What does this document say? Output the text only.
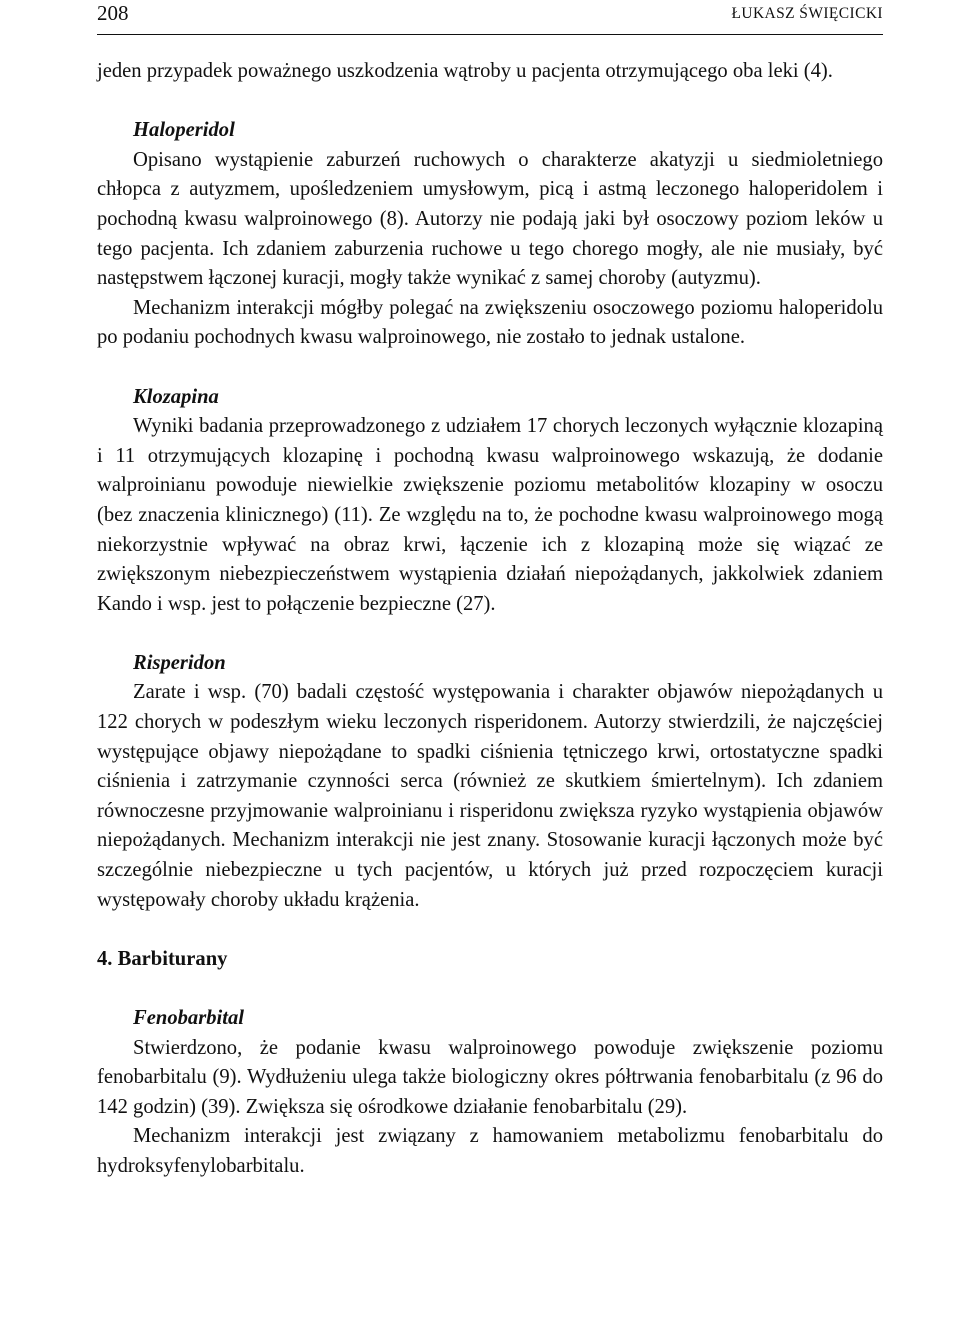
208	ŁUKASZ ŚWIĘCICKI

jeden przypadek poważnego uszkodzenia wątroby u pacjenta otrzymującego oba leki (4).

Haloperidol

Opisano wystąpienie zaburzeń ruchowych o charakterze akatyzji u siedmioletniego chłopca z autyzmem, upośledzeniem umysłowym, picą i astmą leczonego haloperidolem i pochodną kwasu walproinowego (8). Autorzy nie podają jaki był osoczowy poziom leków u tego pacjenta. Ich zdaniem zaburzenia ruchowe u tego chorego mogły, ale nie musiały, być następstwem łączonej kuracji, mogły także wynikać z samej choroby (autyzmu).

Mechanizm interakcji mógłby polegać na zwiększeniu osoczowego poziomu haloperidolu po podaniu pochodnych kwasu walproinowego, nie zostało to jednak ustalone.

Klozapina

Wyniki badania przeprowadzonego z udziałem 17 chorych leczonych wyłącznie klozapiną i 11 otrzymujących klozapinę i pochodną kwasu walproinowego wskazują, że dodanie walproinianu powoduje niewielkie zwiększenie poziomu metabolitów klozapiny w osoczu (bez znaczenia klinicznego) (11). Ze względu na to, że pochodne kwasu walproinowego mogą niekorzystnie wpływać na obraz krwi, łączenie ich z klozapiną może się wiązać ze zwiększonym niebezpieczeństwem wystąpienia działań niepożądanych, jakkolwiek zdaniem Kando i wsp. jest to połączenie bezpieczne (27).

Risperidon

Zarate i wsp. (70) badali częstość występowania i charakter objawów niepożądanych u 122 chorych w podeszłym wieku leczonych risperidonem. Autorzy stwierdzili, że najczęściej występujące objawy niepożądane to spadki ciśnienia tętniczego krwi, ortostatyczne spadki ciśnienia i zatrzymanie czynności serca (również ze skutkiem śmiertelnym). Ich zdaniem równoczesne przyjmowanie walproinianu i risperidonu zwiększa ryzyko wystąpienia objawów niepożądanych. Mechanizm interakcji nie jest znany. Stosowanie kuracji łączonych może być szczególnie niebezpieczne u tych pacjentów, u których już przed rozpoczęciem kuracji występowały choroby układu krążenia.

4. Barbiturany

Fenobarbital

Stwierdzono, że podanie kwasu walproinowego powoduje zwiększenie poziomu fenobarbitalu (9). Wydłużeniu ulega także biologiczny okres półtrwania fenobarbitalu (z 96 do 142 godzin) (39). Zwiększa się ośrodkowe działanie fenobarbitalu (29).

Mechanizm interakcji jest związany z hamowaniem metabolizmu fenobarbitalu do hydroksyfenylobarbitalu.
